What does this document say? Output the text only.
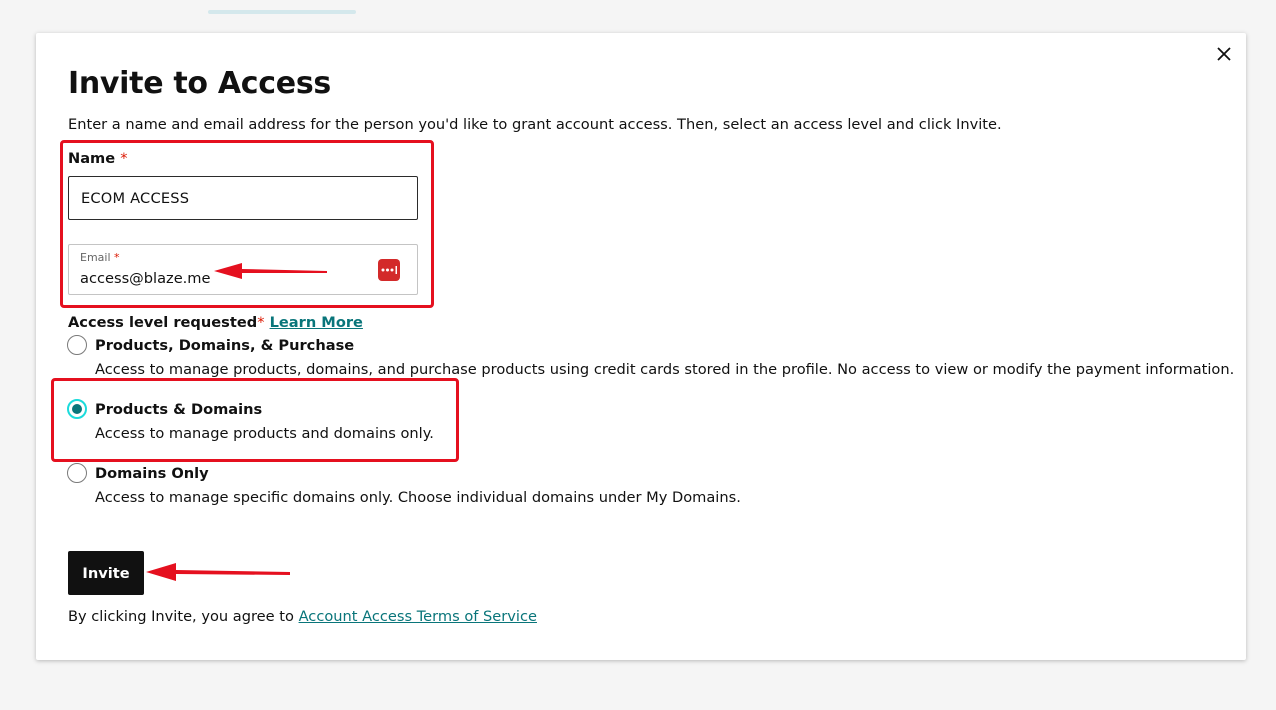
Invite to Access

Enter a name and email address for the person you'd like to grant account access. Then, select an access level and click Invite.

Name *
ECOM ACCESS
Email *
access@blaze.me
Access level requested* Learn More
Products, Domains, & Purchase
Access to manage products, domains, and purchase products using credit cards stored in the profile. No access to view or modify the payment information.
Products & Domains
Access to manage products and domains only.
Domains Only
Access to manage specific domains only. Choose individual domains under My Domains.
Invite
By clicking Invite, you agree to Account Access Terms of Service
